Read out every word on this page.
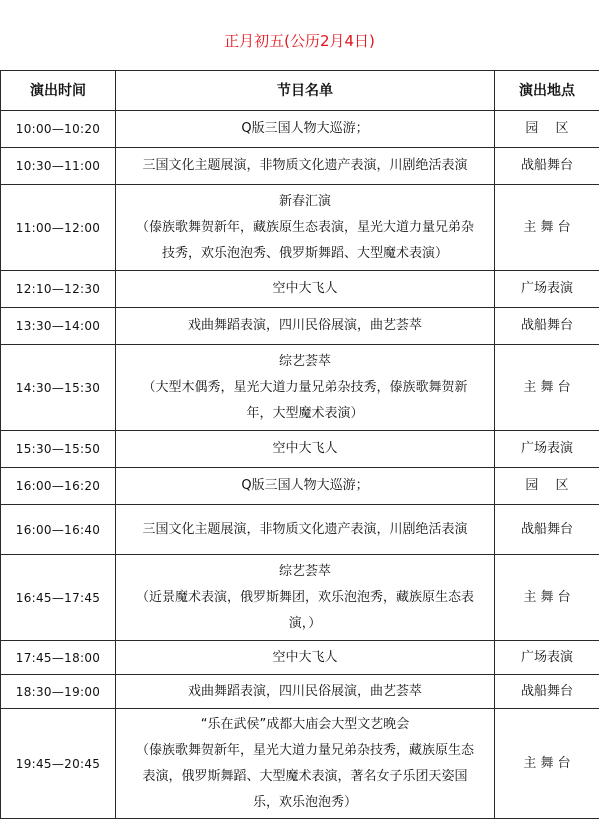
正月初五(公历2月4日)
演出时间	节目名单	演出地点
10:00—10:20	Q版三国人物大巡游；	园　 区
10:30—11:00	三国文化主题展演，非物质文化遗产表演，川剧绝活表演	战船舞台
11:00—12:00	新春汇演
（傣族歌舞贺新年，藏族原生态表演，星光大道力量兄弟杂
技秀，欢乐泡泡秀、俄罗斯舞蹈、大型魔术表演）	主 舞 台
12:10—12:30	空中大飞人	广场表演
13:30—14:00	戏曲舞蹈表演，四川民俗展演，曲艺荟萃	战船舞台
14:30—15:30	综艺荟萃
（大型木偶秀，星光大道力量兄弟杂技秀，傣族歌舞贺新
年，大型魔术表演）	主 舞 台
15:30—15:50	空中大飞人	广场表演
16:00—16:20	Q版三国人物大巡游；	园　 区
16:00—16:40	三国文化主题展演，非物质文化遗产表演，川剧绝活表演	战船舞台
16:45—17:45	综艺荟萃
（近景魔术表演，俄罗斯舞团，欢乐泡泡秀，藏族原生态表
演，）	主 舞 台
17:45—18:00	空中大飞人	广场表演
18:30—19:00	戏曲舞蹈表演，四川民俗展演，曲艺荟萃	战船舞台
19:45—20:45	“乐在武侯”成都大庙会大型文艺晚会
（傣族歌舞贺新年，星光大道力量兄弟杂技秀，藏族原生态
表演，俄罗斯舞蹈、大型魔术表演，著名女子乐团天姿国
乐，欢乐泡泡秀）	主 舞 台
